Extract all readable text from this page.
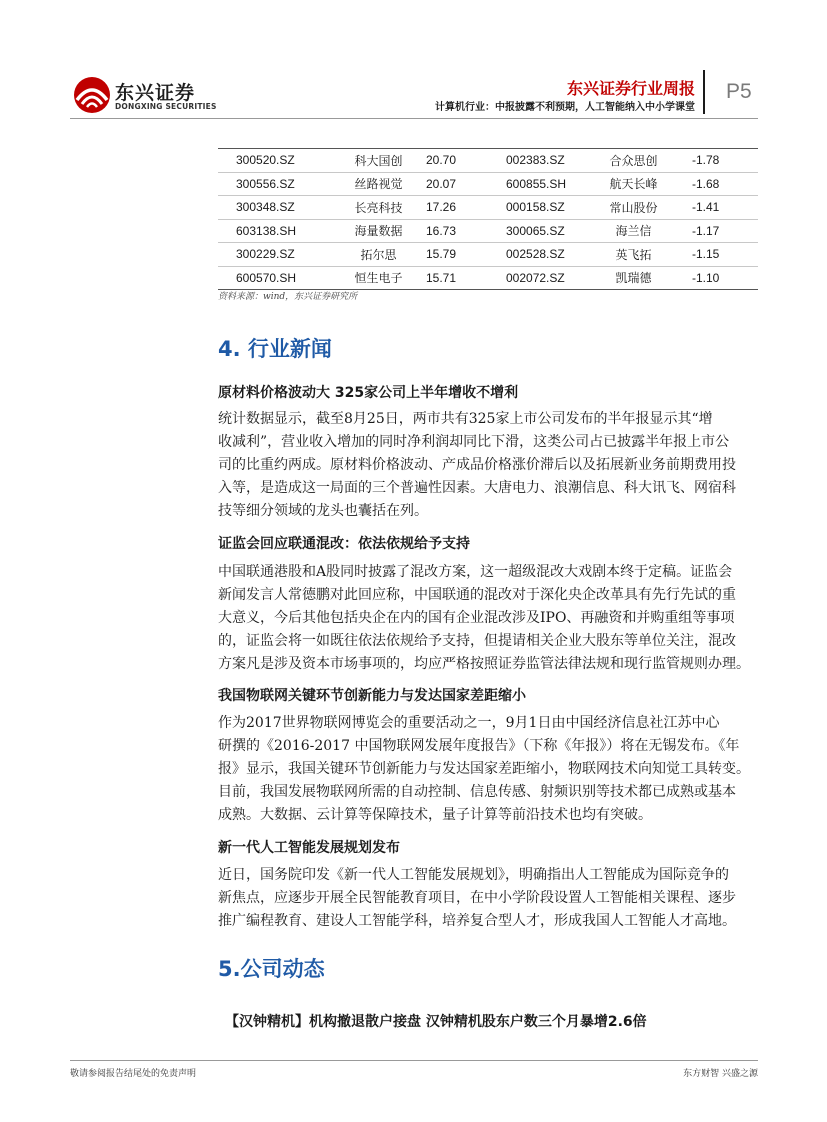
东兴证券
DONGXING SECURITIES
东兴证券行业周报
计算机行业：中报披露不利预期，人工智能纳入中小学课堂
P5
300520.SZ	科大国创	20.70	002383.SZ	合众思创	-1.78
300556.SZ	丝路视觉	20.07	600855.SH	航天长峰	-1.68
300348.SZ	长亮科技	17.26	000158.SZ	常山股份	-1.41
603138.SH	海量数据	16.73	300065.SZ	海兰信	-1.17
300229.SZ	拓尔思	15.79	002528.SZ	英飞拓	-1.15
600570.SH	恒生电子	15.71	002072.SZ	凯瑞德	-1.10
资料来源：wind，东兴证券研究所
4. 行业新闻
原材料价格波动大 325家公司上半年增收不增利
统计数据显示，截至8月25日，两市共有325家上市公司发布的半年报显示其“增
收减利”，营业收入增加的同时净利润却同比下滑，这类公司占已披露半年报上市公
司的比重约两成。原材料价格波动、产成品价格涨价滞后以及拓展新业务前期费用投
入等，是造成这一局面的三个普遍性因素。大唐电力、浪潮信息、科大讯飞、网宿科
技等细分领域的龙头也囊括在列。
证监会回应联通混改：依法依规给予支持
中国联通港股和A股同时披露了混改方案，这一超级混改大戏剧本终于定稿。证监会
新闻发言人常德鹏对此回应称，中国联通的混改对于深化央企改革具有先行先试的重
大意义，今后其他包括央企在内的国有企业混改涉及IPO、再融资和并购重组等事项
的，证监会将一如既往依法依规给予支持，但提请相关企业大股东等单位关注，混改
方案凡是涉及资本市场事项的，均应严格按照证券监管法律法规和现行监管规则办理。
我国物联网关键环节创新能力与发达国家差距缩小
作为2017世界物联网博览会的重要活动之一，9月1日由中国经济信息社江苏中心
研撰的《2016-2017 中国物联网发展年度报告》（下称《年报》）将在无锡发布。《年
报》显示，我国关键环节创新能力与发达国家差距缩小，物联网技术向知觉工具转变。
目前，我国发展物联网所需的自动控制、信息传感、射频识别等技术都已成熟或基本
成熟。大数据、云计算等保障技术，量子计算等前沿技术也均有突破。
新一代人工智能发展规划发布
近日，国务院印发《新一代人工智能发展规划》，明确指出人工智能成为国际竞争的
新焦点，应逐步开展全民智能教育项目，在中小学阶段设置人工智能相关课程、逐步
推广编程教育、建设人工智能学科，培养复合型人才，形成我国人工智能人才高地。
5.公司动态
【汉钟精机】机构撤退散户接盘 汉钟精机股东户数三个月暴增2.6倍
敬请参阅报告结尾处的免责声明	东方财智 兴盛之源
